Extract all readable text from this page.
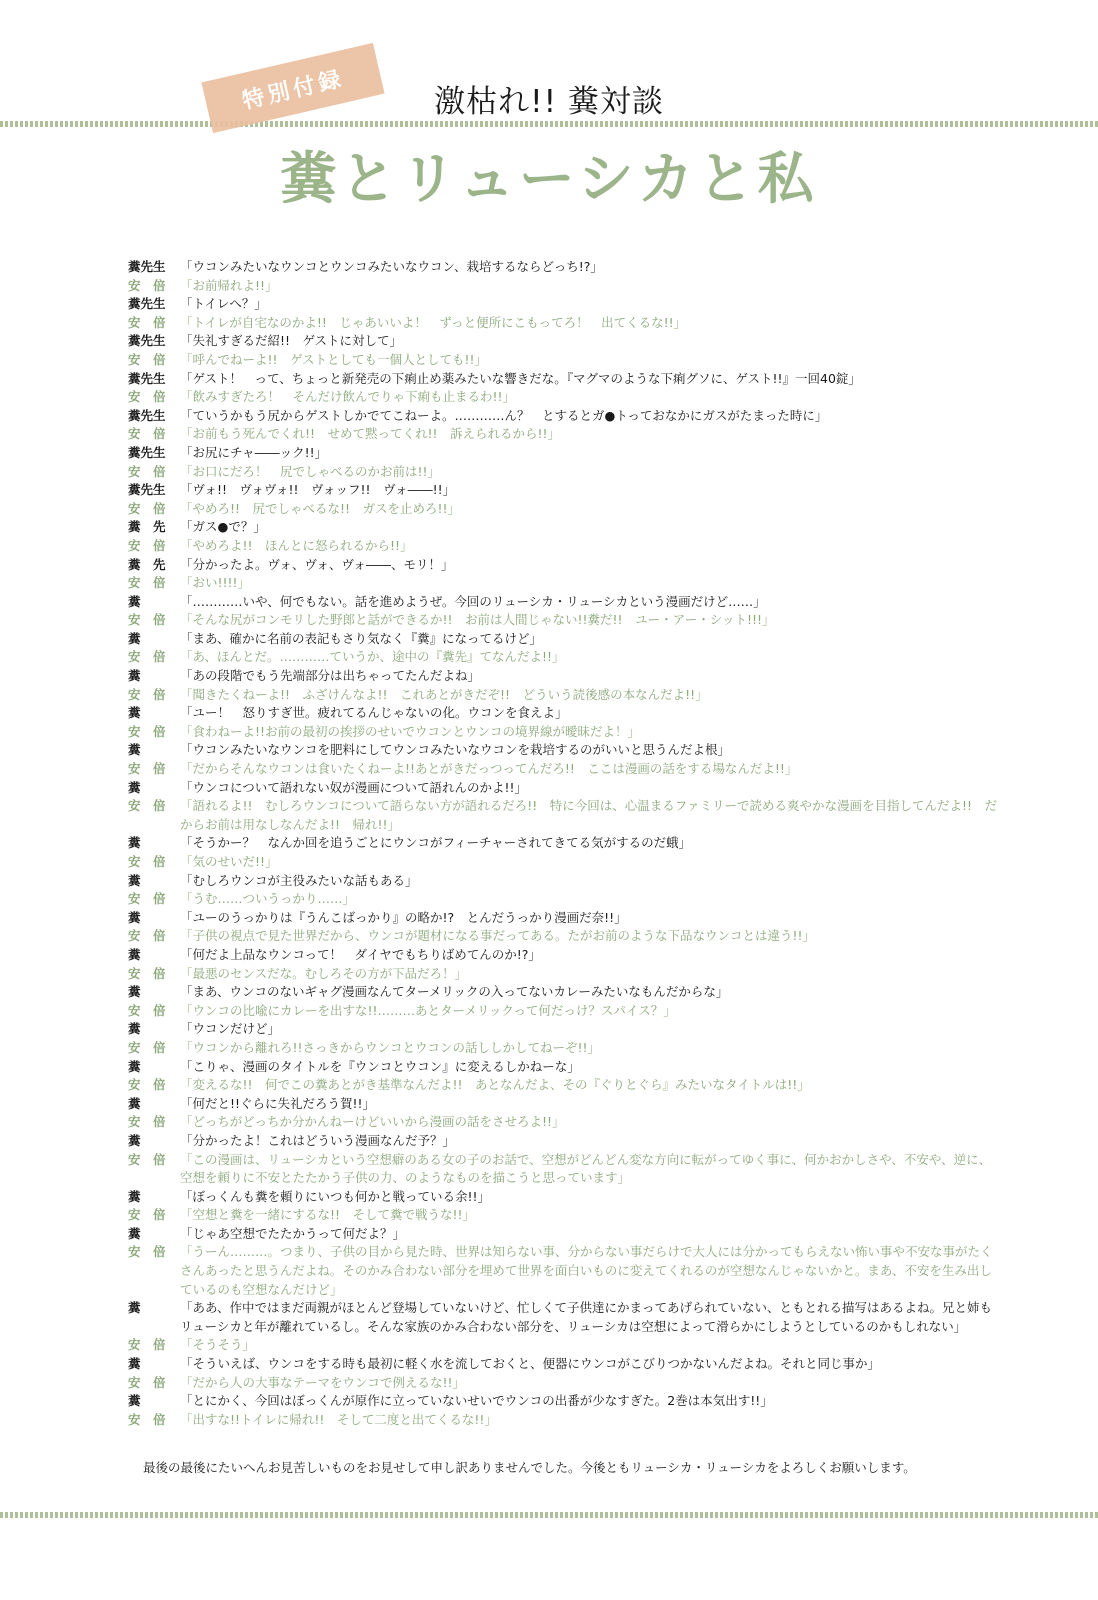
特別付録	激枯れ!! 糞対談
糞とリューシカと私
糞先生	「ウコンみたいなウンコとウンコみたいなウコン、栽培するならどっち!?」
安　倍	「お前帰れよ!!」
糞先生	「トイレへ？」
安　倍	「トイレが自宅なのかよ!!　じゃあいいよ！　ずっと便所にこもってろ！　出てくるな!!」
糞先生	「失礼すぎるだ紹!!　ゲストに対して」
安　倍	「呼んでねーよ!!　ゲストとしても一個人としても!!」
糞先生	「ゲスト！　って、ちょっと新発売の下痢止め薬みたいな響きだな。『マグマのような下痢グソに、ゲスト!!』一回40錠」
安　倍	「飲みすぎたろ！　そんだけ飲んでりゃ下痢も止まるわ!!」
糞先生	「ていうかもう尻からゲストしかでてこねーよ。…………ん？　とするとガ●トっておなかにガスがたまった時に」
安　倍	「お前もう死んでくれ!!　せめて黙ってくれ!!　訴えられるから!!」
糞先生	「お尻にチャ――ック!!」
安　倍	「お口にだろ！　尻でしゃべるのかお前は!!」
糞先生	「ヴォ!!　ヴォヴォ!!　ヴォッフ!!　ヴォ――!!」
安　倍	「やめろ!!　尻でしゃべるな!!　ガスを止めろ!!」
糞　先	「ガス●で？」
安　倍	「やめろよ!!　ほんとに怒られるから!!」
糞　先	「分かったよ。ヴォ、ヴォ、ヴォ――、モリ！」
安　倍	「おい!!!!」
糞	「…………いや、何でもない。話を進めようぜ。今回のリューシカ・リューシカという漫画だけど……」
安　倍	「そんな尻がコンモリした野郎と話ができるか!!　お前は人間じゃない!!糞だ!!　ユー・アー・シット!!!」
糞	「まあ、確かに名前の表記もさり気なく『糞』になってるけど」
安　倍	「あ、ほんとだ。…………ていうか、途中の『糞先』てなんだよ!!」
糞	「あの段階でもう先端部分は出ちゃってたんだよね」
安　倍	「聞きたくねーよ!!　ふざけんなよ!!　これあとがきだぞ!!　どういう読後感の本なんだよ!!」
糞	「ユー！　怒りすぎ世。疲れてるんじゃないの化。ウコンを食えよ」
安　倍	「食わねーよ!!お前の最初の挨拶のせいでウコンとウンコの境界線が曖昧だよ！」
糞	「ウコンみたいなウンコを肥料にしてウンコみたいなウコンを栽培するのがいいと思うんだよ根」
安　倍	「だからそんなウコンは食いたくねーよ!!あとがきだっつってんだろ!!　ここは漫画の話をする場なんだよ!!」
糞	「ウンコについて語れない奴が漫画について語れんのかよ!!」
安　倍	「語れるよ!!　むしろウンコについて語らない方が語れるだろ!!　特に今回は、心温まるファミリーで読める爽やかな漫画を目指してんだよ!!　だからお前は用なしなんだよ!!　帰れ!!」
糞	「そうかー？　なんか回を追うごとにウンコがフィーチャーされてきてる気がするのだ蛾」
安　倍	「気のせいだ!!」
糞	「むしろウンコが主役みたいな話もある」
安　倍	「うむ……ついうっかり……」
糞	「ユーのうっかりは『うんこばっかり』の略か!?　とんだうっかり漫画だ奈!!」
安　倍	「子供の視点で見た世界だから、ウンコが題材になる事だってある。たがお前のような下品なウンコとは違う!!」
糞	「何だよ上品なウンコって！　ダイヤでもちりばめてんのか!?」
安　倍	「最悪のセンスだな。むしろその方が下品だろ！」
糞	「まあ、ウンコのないギャグ漫画なんてターメリックの入ってないカレーみたいなもんだからな」
安　倍	「ウンコの比喩にカレーを出すな!!………あとターメリックって何だっけ？スパイス？」
糞	「ウコンだけど」
安　倍	「ウコンから離れろ!!さっきからウンコとウコンの話ししかしてねーぞ!!」
糞	「こりゃ、漫画のタイトルを『ウンコとウコン』に変えるしかねーな」
安　倍	「変えるな!!　何でこの糞あとがき基準なんだよ!!　あとなんだよ、その『ぐりとぐら』みたいなタイトルは!!」
糞	「何だと!!ぐらに失礼だろう賀!!」
安　倍	「どっちがどっちか分かんねーけどいいから漫画の話をさせろよ!!」
糞	「分かったよ！これはどういう漫画なんだ予？」
安　倍	「この漫画は、リューシカという空想癖のある女の子のお話で、空想がどんどん変な方向に転がってゆく事に、何かおかしさや、不安や、逆に、空想を頼りに不安とたたかう子供の力、のようなものを描こうと思っています」
糞	「ぼっくんも糞を頼りにいつも何かと戦っている余!!」
安　倍	「空想と糞を一緒にするな!!　そして糞で戦うな!!」
糞	「じゃあ空想でたたかうって何だよ？」
安　倍	「うーん………。つまり、子供の目から見た時、世界は知らない事、分からない事だらけで大人には分かってもらえない怖い事や不安な事がたくさんあったと思うんだよね。そのかみ合わない部分を埋めて世界を面白いものに変えてくれるのが空想なんじゃないかと。まあ、不安を生み出しているのも空想なんだけど」
糞	「ああ、作中ではまだ両親がほとんど登場していないけど、忙しくて子供達にかまってあげられていない、ともとれる描写はあるよね。兄と姉もリューシカと年が離れているし。そんな家族のかみ合わない部分を、リューシカは空想によって滑らかにしようとしているのかもしれない」
安　倍	「そうそう」
糞	「そういえば、ウンコをする時も最初に軽く水を流しておくと、便器にウンコがこびりつかないんだよね。それと同じ事か」
安　倍	「だから人の大事なテーマをウンコで例えるな!!」
糞	「とにかく、今回はぼっくんが原作に立っていないせいでウンコの出番が少なすぎた。2巻は本気出す!!」
安　倍	「出すな!!トイレに帰れ!!　そして二度と出てくるな!!」
最後の最後にたいへんお見苦しいものをお見せして申し訳ありませんでした。今後ともリューシカ・リューシカをよろしくお願いします。
